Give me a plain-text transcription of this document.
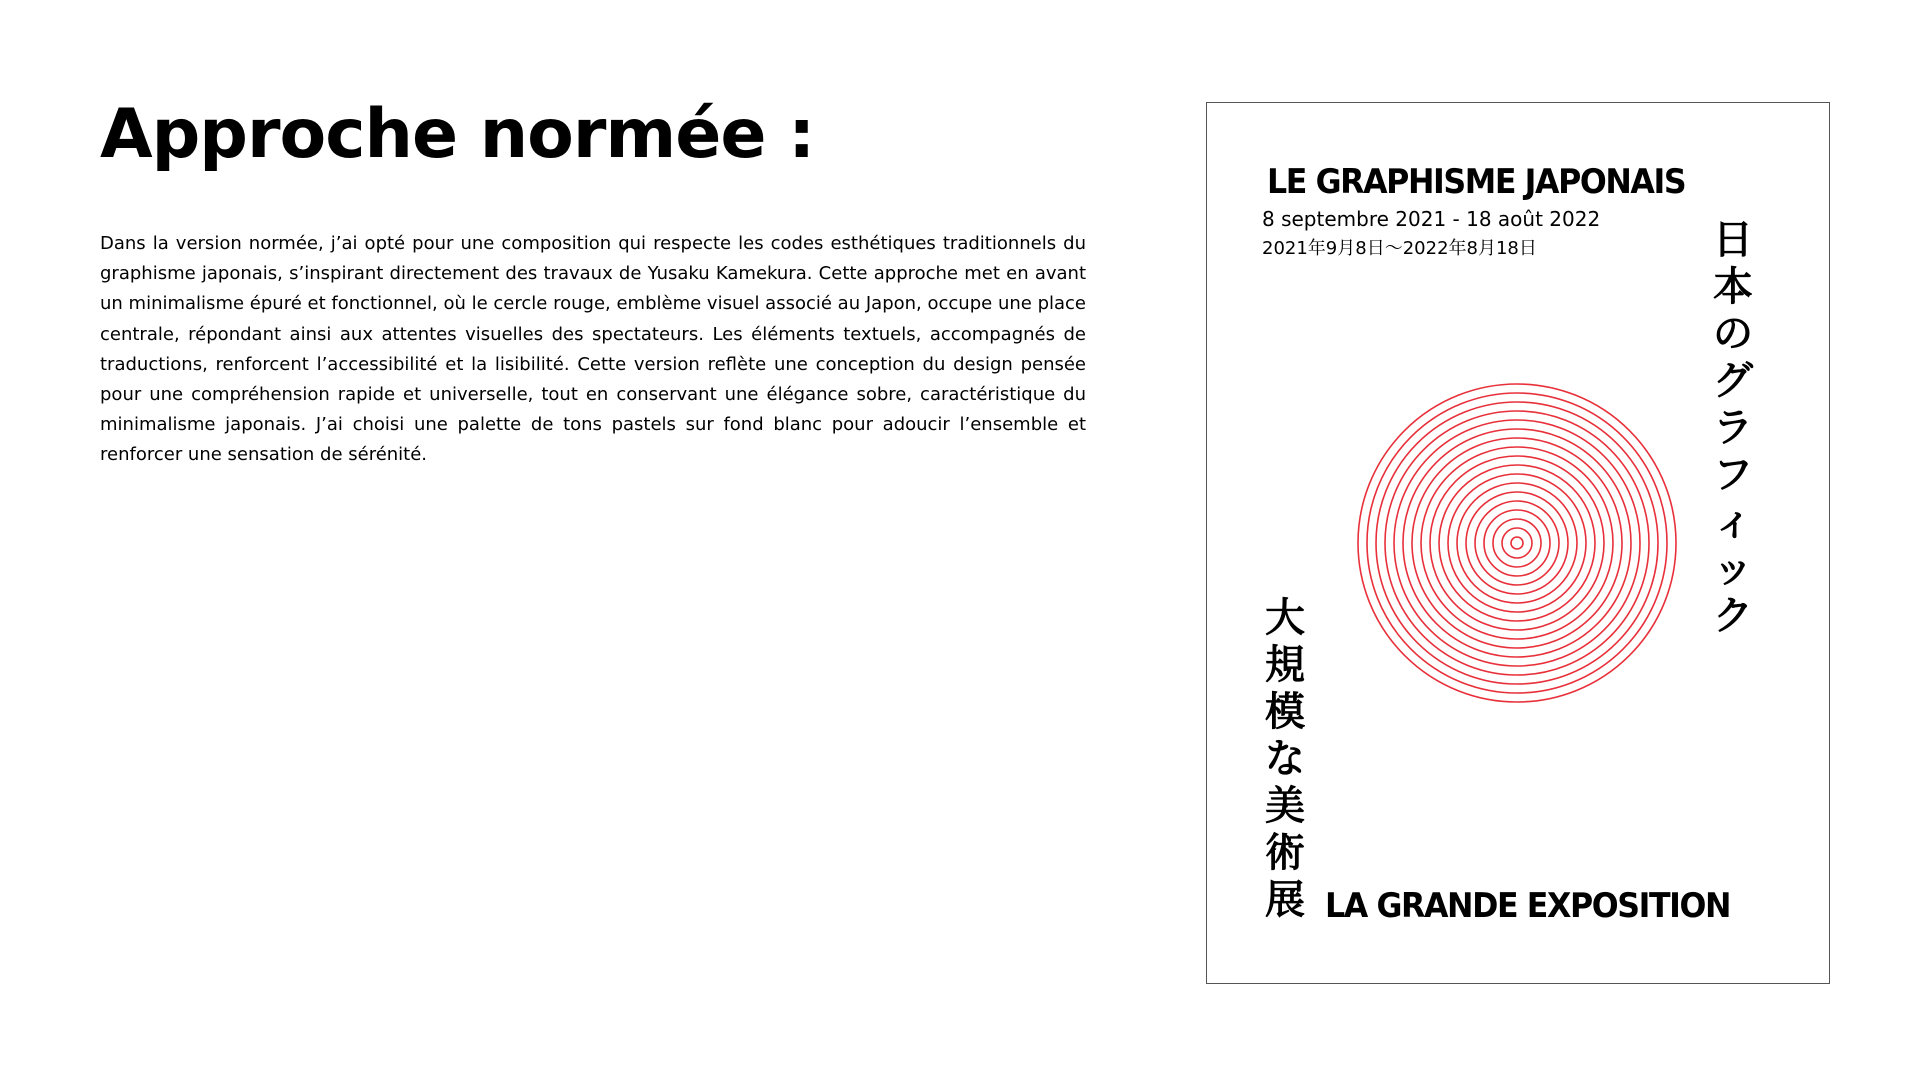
Approche normée :

Dans la version normée, j’ai opté pour une composition qui respecte les codes esthétiques traditionnels du graphisme japonais, s’inspirant directement des travaux de Yusaku Kamekura. Cette approche met en avant un minimalisme épuré et fonctionnel, où le cercle rouge, emblème visuel associé au Japon, occupe une place centrale, répondant ainsi aux attentes visuelles des spectateurs. Les éléments textuels, accompagnés de traductions, renforcent l’accessibilité et la lisibilité. Cette version reflète une conception du design pensée pour une compréhension rapide et universelle, tout en conservant une élégance sobre, caractéristique du minimalisme japonais. J’ai choisi une palette de tons pastels sur fond blanc pour adoucir l’ensemble et renforcer une sensation de sérénité.

LE GRAPHISME JAPONAIS
8 septembre 2021 - 18 août 2022
2021年9月8日〜2022年8月18日	日本のグラフィック
大規模な美術展 LA GRANDE EXPOSITION
